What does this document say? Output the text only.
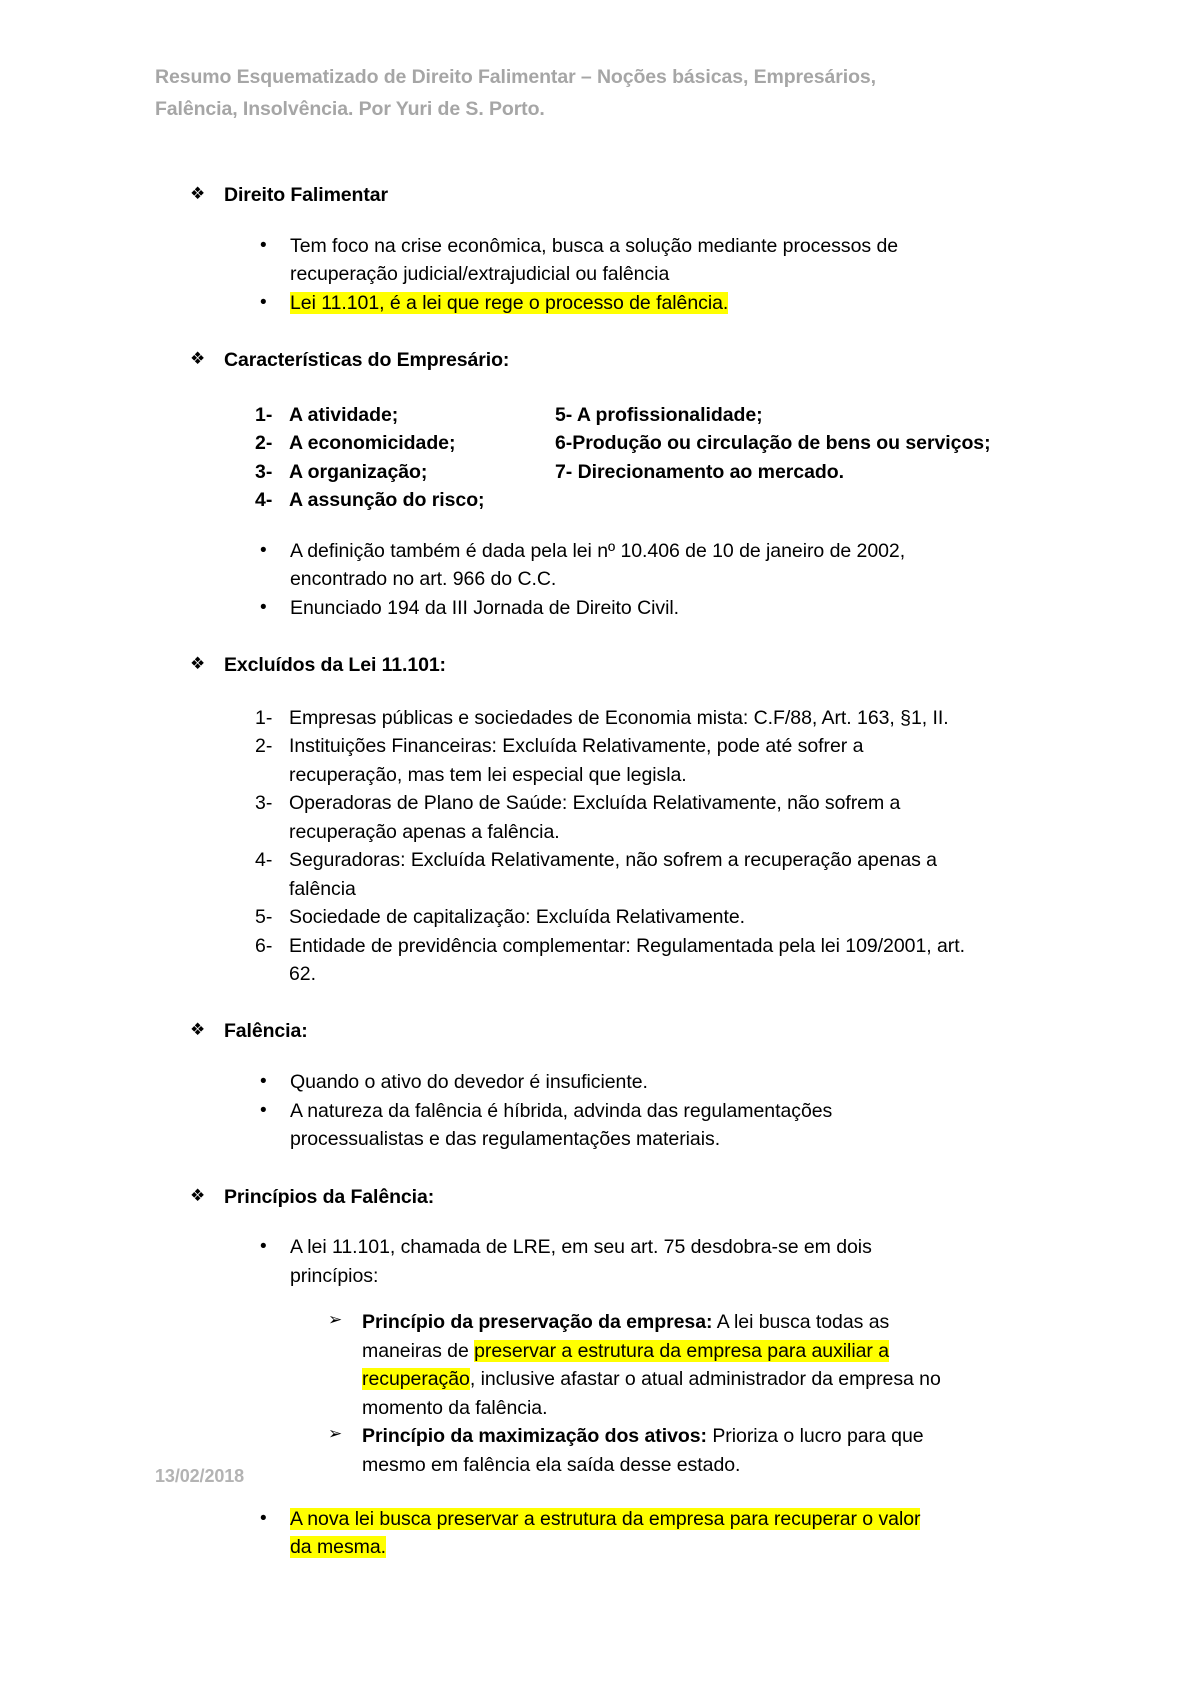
Resumo Esquematizado de Direito Falimentar – Noções básicas, Empresários, Falência, Insolvência. Por Yuri de S. Porto.
❖ Direito Falimentar
•	Tem foco na crise econômica, busca a solução mediante processos de recuperação judicial/extrajudicial ou falência
•	Lei 11.101, é a lei que rege o processo de falência.
❖ Características do Empresário:
1- A atividade;
2- A economicidade;
3- A organização;
4- A assunção do risco;
5- A profissionalidade;
6-Produção ou circulação de bens ou serviços;
7- Direcionamento ao mercado.
•	A definição também é dada pela lei nº 10.406 de 10 de janeiro de 2002, encontrado no art. 966 do C.C.
•	Enunciado 194 da III Jornada de Direito Civil.
❖ Excluídos da Lei 11.101:
1- Empresas públicas e sociedades de Economia mista: C.F/88, Art. 163, §1, II.
2- Instituições Financeiras: Excluída Relativamente, pode até sofrer a recuperação, mas tem lei especial que legisla.
3- Operadoras de Plano de Saúde: Excluída Relativamente, não sofrem a recuperação apenas a falência.
4- Seguradoras: Excluída Relativamente, não sofrem a recuperação apenas a falência
5- Sociedade de capitalização: Excluída Relativamente.
6- Entidade de previdência complementar: Regulamentada pela lei 109/2001, art. 62.
❖ Falência:
•	Quando o ativo do devedor é insuficiente.
•	A natureza da falência é híbrida, advinda das regulamentações processualistas e das regulamentações materiais.
❖ Princípios da Falência:
•	A lei 11.101, chamada de LRE, em seu art. 75 desdobra-se em dois princípios:
➢	Princípio da preservação da empresa: A lei busca todas as maneiras de preservar a estrutura da empresa para auxiliar a recuperação, inclusive afastar o atual administrador da empresa no momento da falência.
➢	Princípio da maximização dos ativos: Prioriza o lucro para que mesmo em falência ela saída desse estado.
•	A nova lei busca preservar a estrutura da empresa para recuperar o valor da mesma.
13/02/2018
